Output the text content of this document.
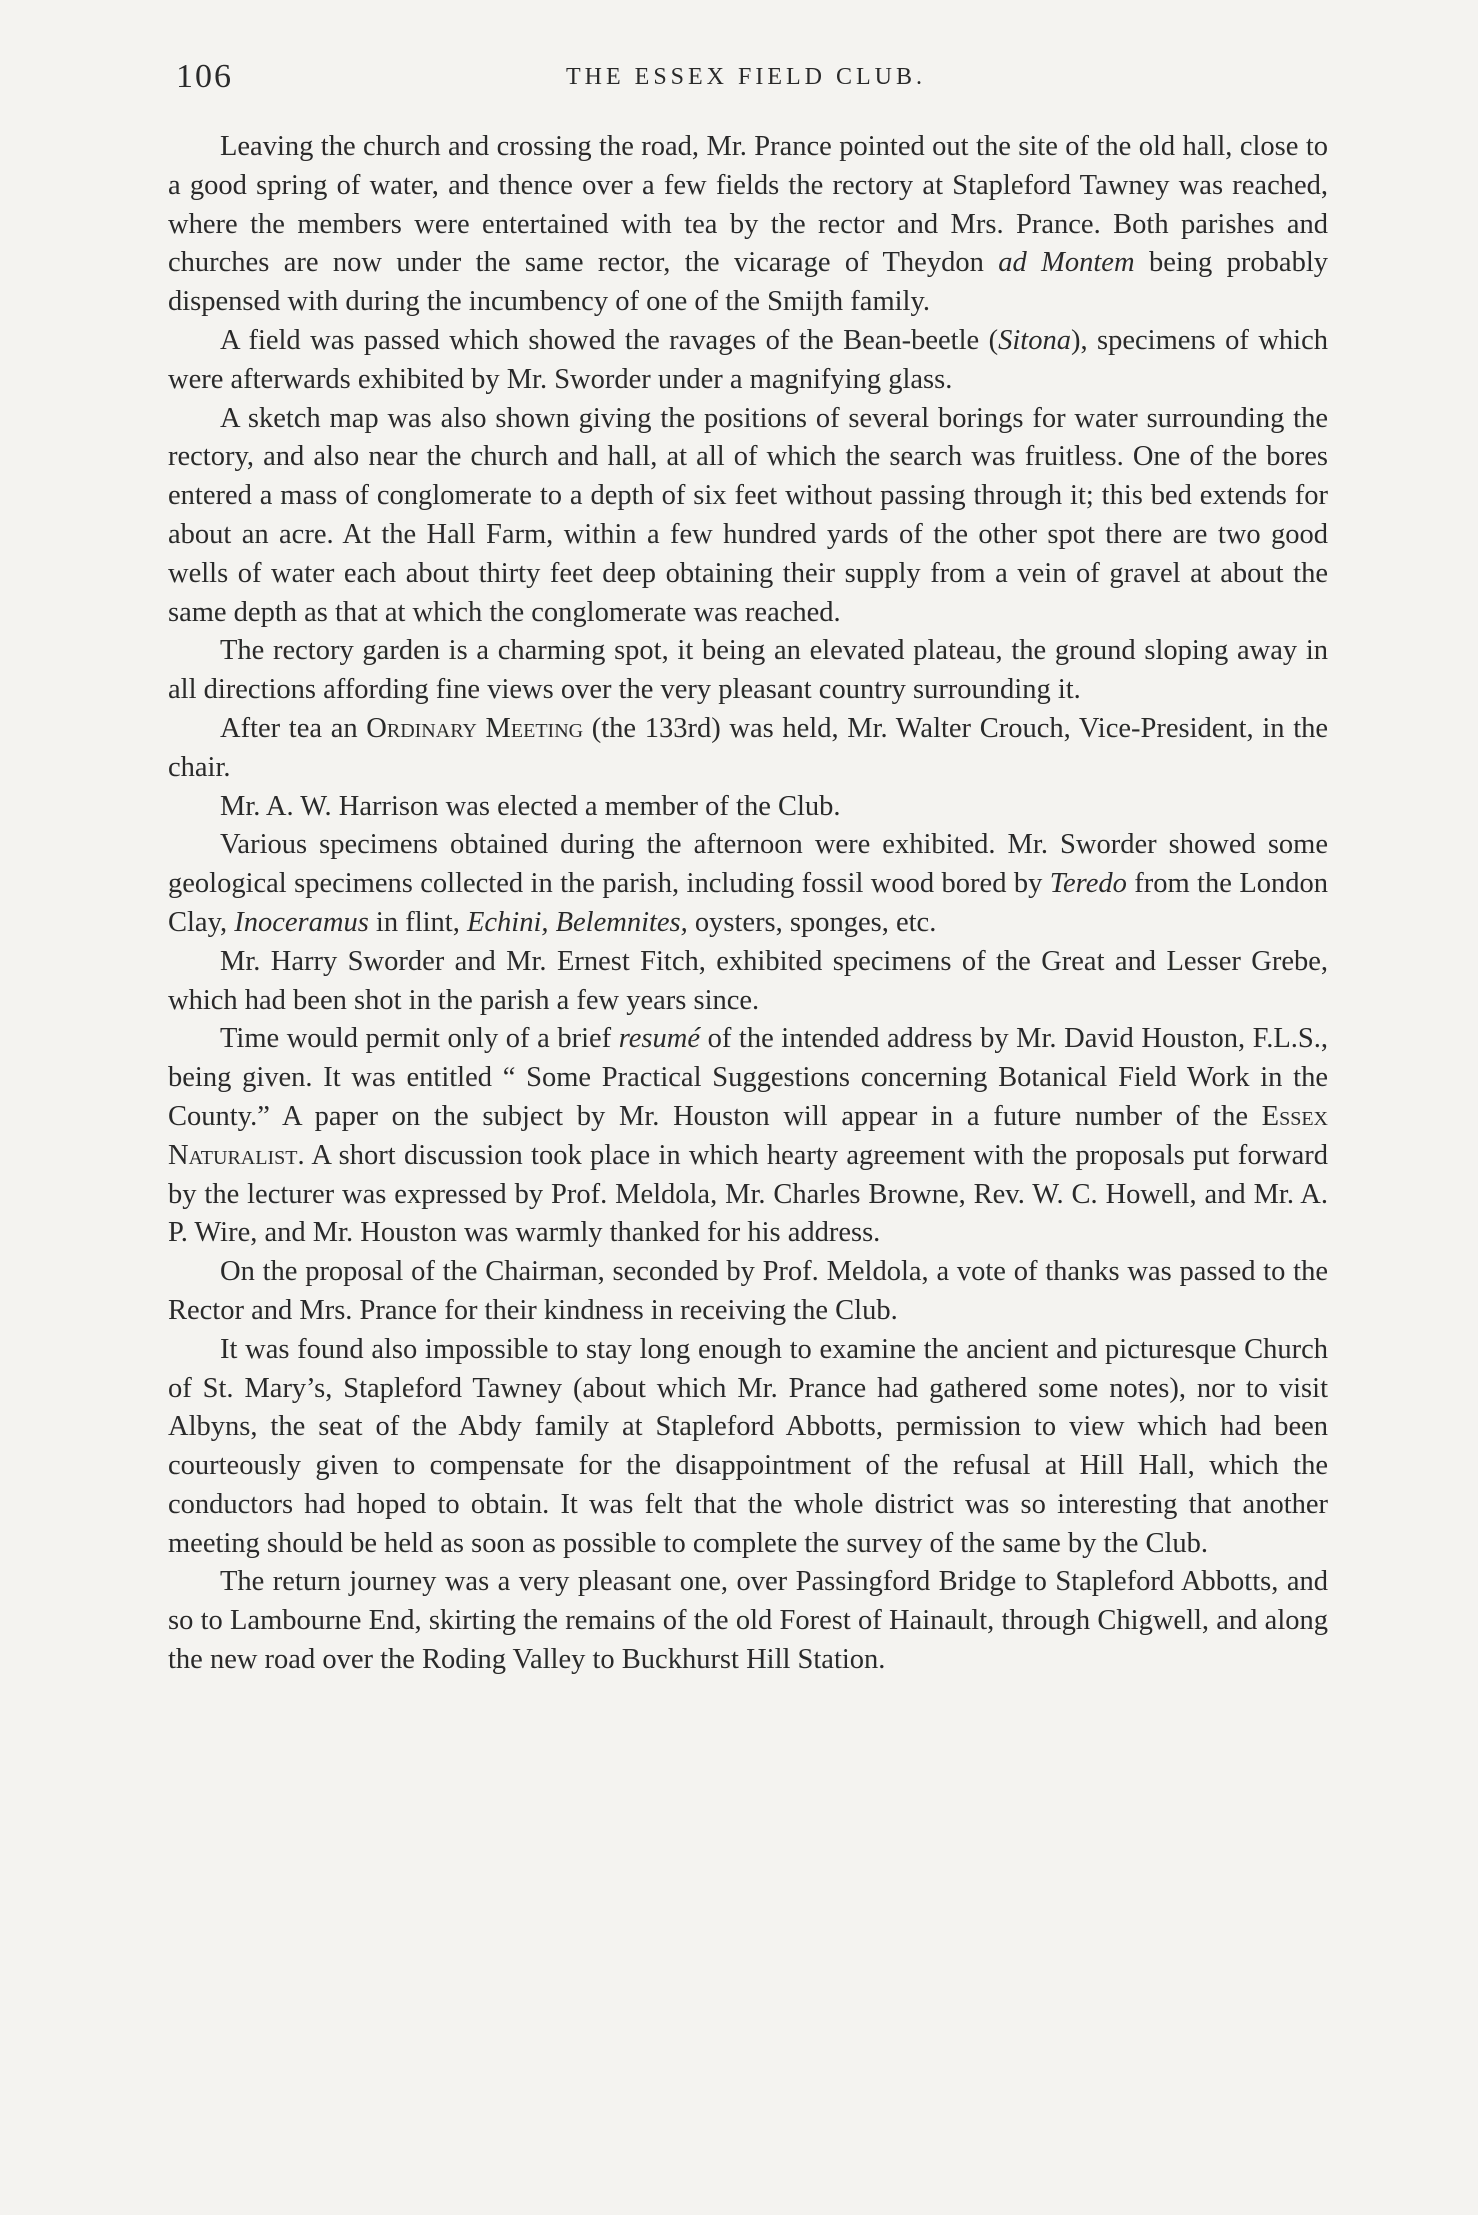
106	THE ESSEX FIELD CLUB.

Leaving the church and crossing the road, Mr. Prance pointed out the site of the old hall, close to a good spring of water, and thence over a few fields the rectory at Stapleford Tawney was reached, where the members were entertained with tea by the rector and Mrs. Prance. Both parishes and churches are now under the same rector, the vicarage of Theydon ad Montem being probably dispensed with during the incumbency of one of the Smijth family.

A field was passed which showed the ravages of the Bean-beetle (Sitona), specimens of which were afterwards exhibited by Mr. Sworder under a magnifying glass.

A sketch map was also shown giving the positions of several borings for water surrounding the rectory, and also near the church and hall, at all of which the search was fruitless. One of the bores entered a mass of conglomerate to a depth of six feet without passing through it; this bed extends for about an acre. At the Hall Farm, within a few hundred yards of the other spot there are two good wells of water each about thirty feet deep obtaining their supply from a vein of gravel at about the same depth as that at which the conglomerate was reached.

The rectory garden is a charming spot, it being an elevated plateau, the ground sloping away in all directions affording fine views over the very pleasant country surrounding it.

After tea an Ordinary Meeting (the 133rd) was held, Mr. Walter Crouch, Vice-President, in the chair.

Mr. A. W. Harrison was elected a member of the Club.

Various specimens obtained during the afternoon were exhibited. Mr. Sworder showed some geological specimens collected in the parish, including fossil wood bored by Teredo from the London Clay, Inoceramus in flint, Echini, Belemnites, oysters, sponges, etc.

Mr. Harry Sworder and Mr. Ernest Fitch, exhibited specimens of the Great and Lesser Grebe, which had been shot in the parish a few years since.

Time would permit only of a brief resumé of the intended address by Mr. David Houston, F.L.S., being given. It was entitled “ Some Practical Suggestions concerning Botanical Field Work in the County.” A paper on the subject by Mr. Houston will appear in a future number of the Essex Naturalist. A short discussion took place in which hearty agreement with the proposals put forward by the lecturer was expressed by Prof. Meldola, Mr. Charles Browne, Rev. W. C. Howell, and Mr. A. P. Wire, and Mr. Houston was warmly thanked for his address.

On the proposal of the Chairman, seconded by Prof. Meldola, a vote of thanks was passed to the Rector and Mrs. Prance for their kindness in receiving the Club.

It was found also impossible to stay long enough to examine the ancient and picturesque Church of St. Mary’s, Stapleford Tawney (about which Mr. Prance had gathered some notes), nor to visit Albyns, the seat of the Abdy family at Stapleford Abbotts, permission to view which had been courteously given to compensate for the disappointment of the refusal at Hill Hall, which the conductors had hoped to obtain. It was felt that the whole district was so interesting that another meeting should be held as soon as possible to complete the survey of the same by the Club.

The return journey was a very pleasant one, over Passingford Bridge to Stapleford Abbotts, and so to Lambourne End, skirting the remains of the old Forest of Hainault, through Chigwell, and along the new road over the Roding Valley to Buckhurst Hill Station.
